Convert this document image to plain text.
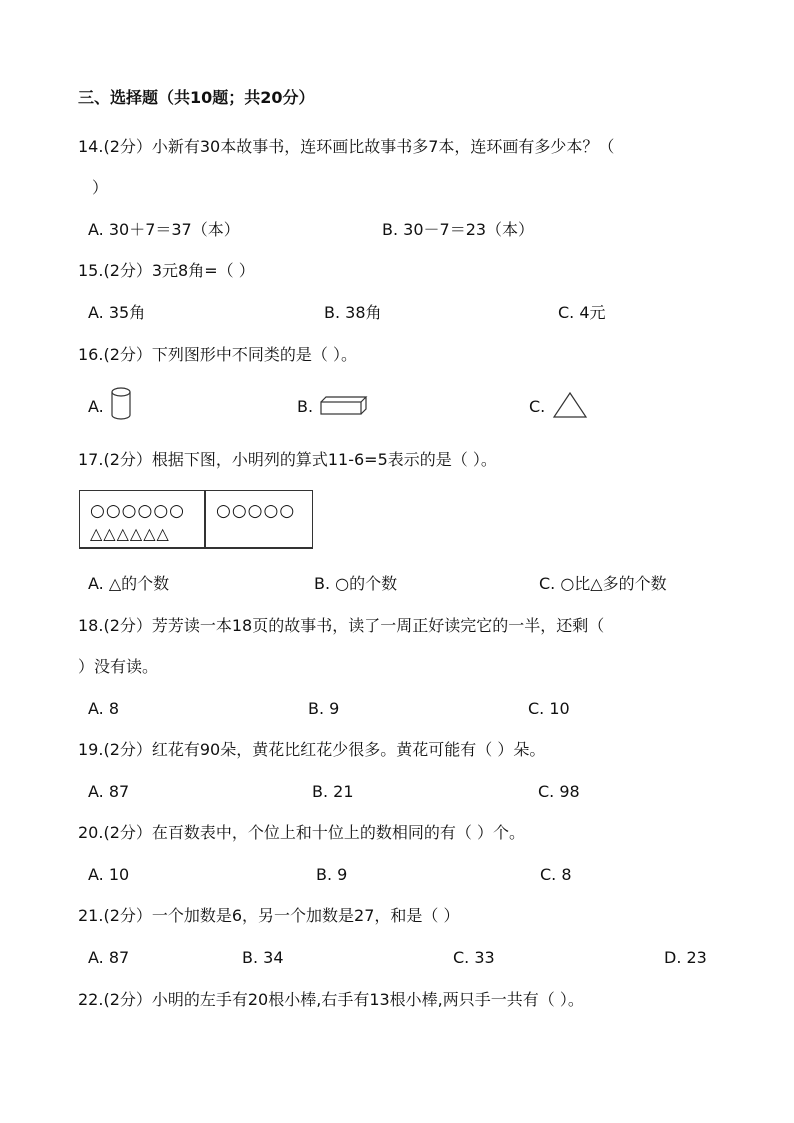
三、选择题（共10题；共20分）
14.(2分）小新有30本故事书，连环画比故事书多7本，连环画有多少本？（
）
A. 30＋7＝37（本）	B. 30－7＝23（本）
15.(2分）3元8角=（ ）
A. 35角	B. 38角	C. 4元
16.(2分）下列图形中不同类的是（ ）。
A.	B.	C.
17.(2分）根据下图，小明列的算式11-6=5表示的是（ ）。
○○○○○○
△△△△△△
○○○○○
A. △的个数	B. ○的个数	C. ○比△多的个数
18.(2分）芳芳读一本18页的故事书，读了一周正好读完它的一半，还剩（
）没有读。
A. 8	B. 9	C. 10
19.(2分）红花有90朵，黄花比红花少很多。黄花可能有（ ）朵。
A. 87	B. 21	C. 98
20.(2分）在百数表中，个位上和十位上的数相同的有（ ）个。
A. 10	B. 9	C. 8
21.(2分）一个加数是6，另一个加数是27，和是（ ）
A. 87	B. 34	C. 33	D. 23
22.(2分）小明的左手有20根小棒,右手有13根小棒,两只手一共有（ ）。
